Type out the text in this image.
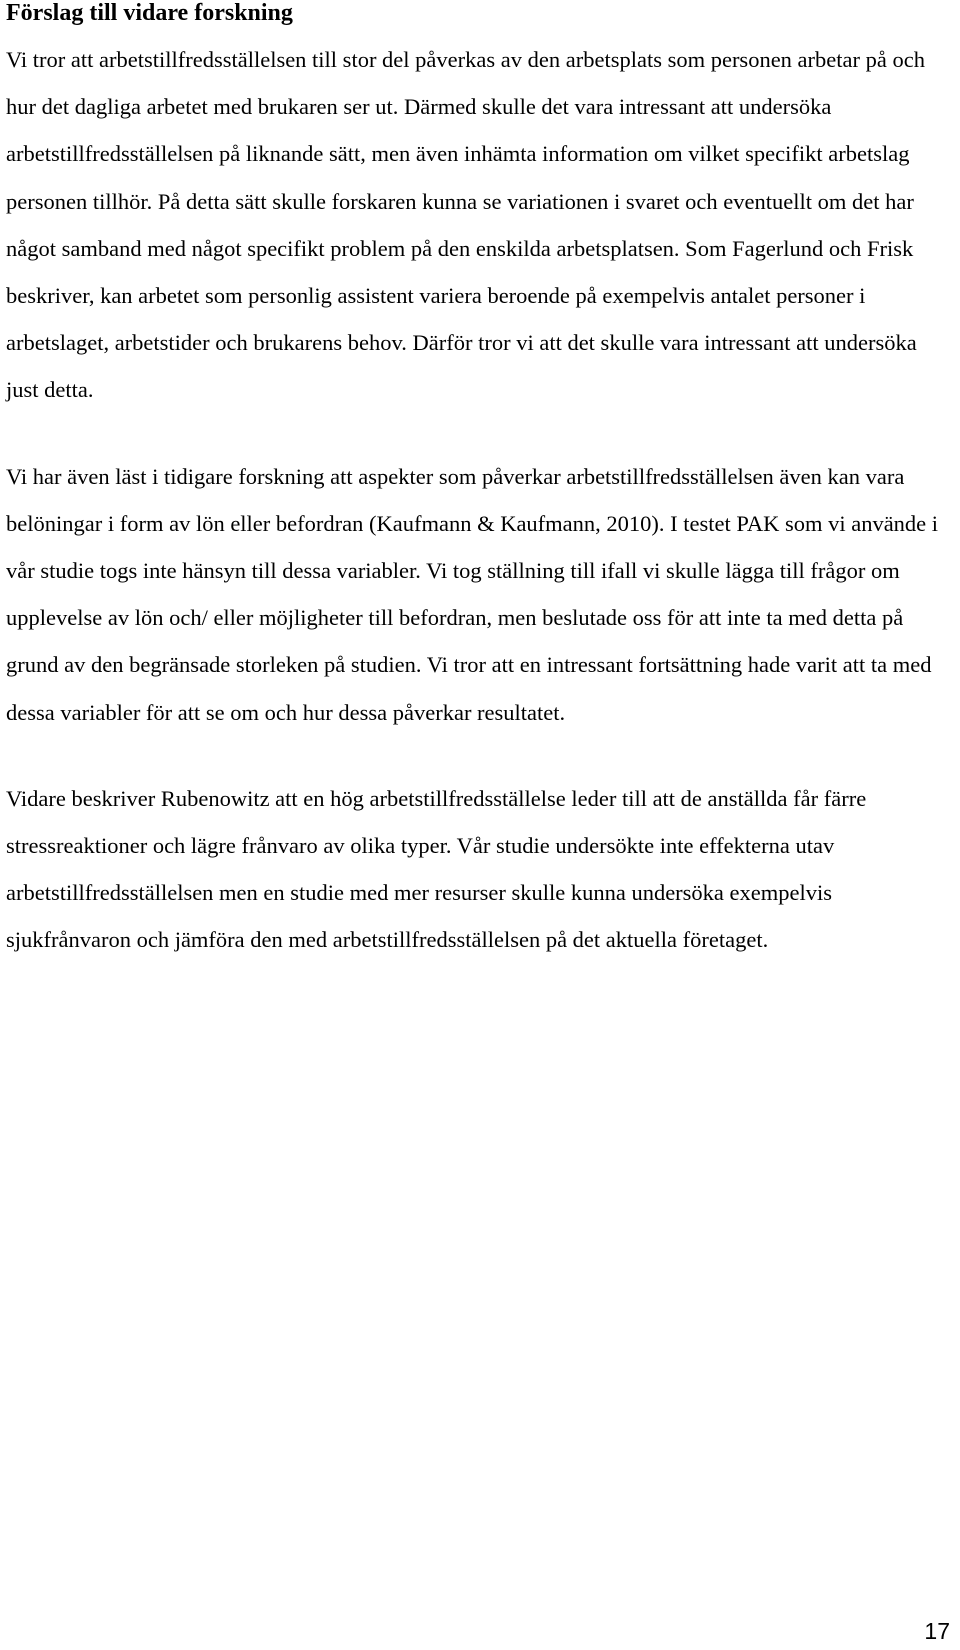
Förslag till vidare forskning

Vi tror att arbetstillfredsställelsen till stor del påverkas av den arbetsplats som personen arbetar på och hur det dagliga arbetet med brukaren ser ut. Därmed skulle det vara intressant att undersöka arbetstillfredsställelsen på liknande sätt, men även inhämta information om vilket specifikt arbetslag personen tillhör. På detta sätt skulle forskaren kunna se variationen i svaret och eventuellt om det har något samband med något specifikt problem på den enskilda arbetsplatsen. Som Fagerlund och Frisk beskriver, kan arbetet som personlig assistent variera beroende på exempelvis antalet personer i arbetslaget, arbetstider och brukarens behov. Därför tror vi att det skulle vara intressant att undersöka just detta.

Vi har även läst i tidigare forskning att aspekter som påverkar arbetstillfredsställelsen även kan vara belöningar i form av lön eller befordran (Kaufmann & Kaufmann, 2010). I testet PAK som vi använde i vår studie togs inte hänsyn till dessa variabler. Vi tog ställning till ifall vi skulle lägga till frågor om upplevelse av lön och/ eller möjligheter till befordran, men beslutade oss för att inte ta med detta på grund av den begränsade storleken på studien. Vi tror att en intressant fortsättning hade varit att ta med dessa variabler för att se om och hur dessa påverkar resultatet.

Vidare beskriver Rubenowitz att en hög arbetstillfredsställelse leder till att de anställda får färre stressreaktioner och lägre frånvaro av olika typer. Vår studie undersökte inte effekterna utav arbetstillfredsställelsen men en studie med mer resurser skulle kunna undersöka exempelvis sjukfrånvaron och jämföra den med arbetstillfredsställelsen på det aktuella företaget.

17
